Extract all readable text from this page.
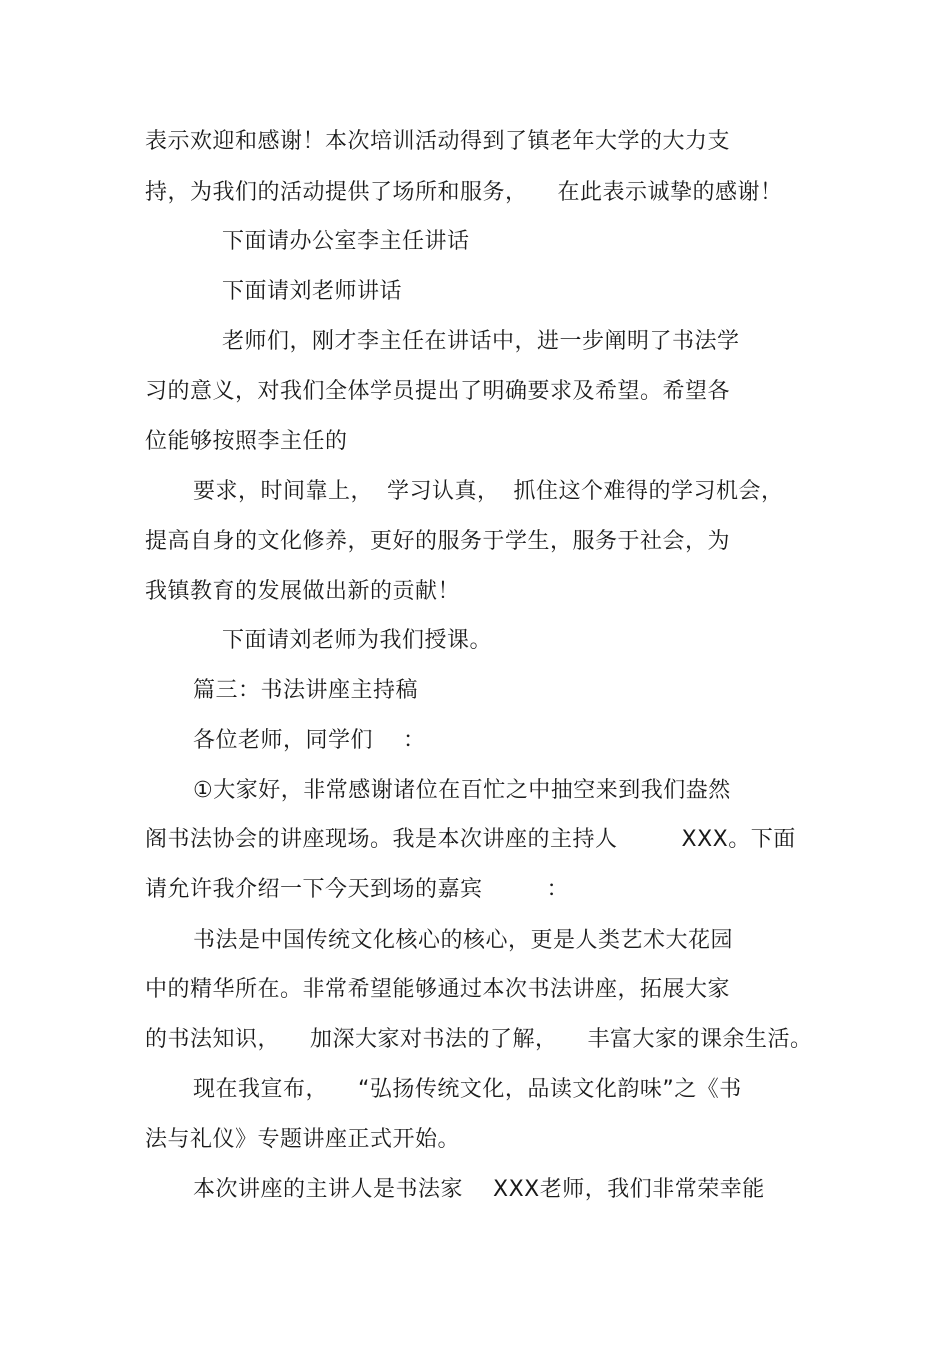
表示欢迎和感谢！本次培训活动得到了镇老年大学的大力支

持，为我们的活动提供了场所和服务， 在此表示诚挚的感谢！

下面请办公室李主任讲话

下面请刘老师讲话

老师们，刚才李主任在讲话中，进一步阐明了书法学

习的意义，对我们全体学员提出了明确要求及希望。希望各

位能够按照李主任的

要求，时间靠上， 学习认真， 抓住这个难得的学习机会，

提高自身的文化修养，更好的服务于学生，服务于社会，为

我镇教育的发展做出新的贡献！

下面请刘老师为我们授课。

篇三：书法讲座主持稿

各位老师，同学们 ：

①大家好，非常感谢诸位在百忙之中抽空来到我们盎然

阁书法协会的讲座现场。我是本次讲座的主持人	XXX。下面

请允许我介绍一下今天到场的嘉宾	：

书法是中国传统文化核心的核心，更是人类艺术大花园

中的精华所在。非常希望能够通过本次书法讲座，拓展大家

的书法知识， 加深大家对书法的了解， 丰富大家的课余生活。

现在我宣布， “弘扬传统文化，品读文化韵味”之《书

法与礼仪》专题讲座正式开始。

本次讲座的主讲人是书法家 XXX老师，我们非常荣幸能
